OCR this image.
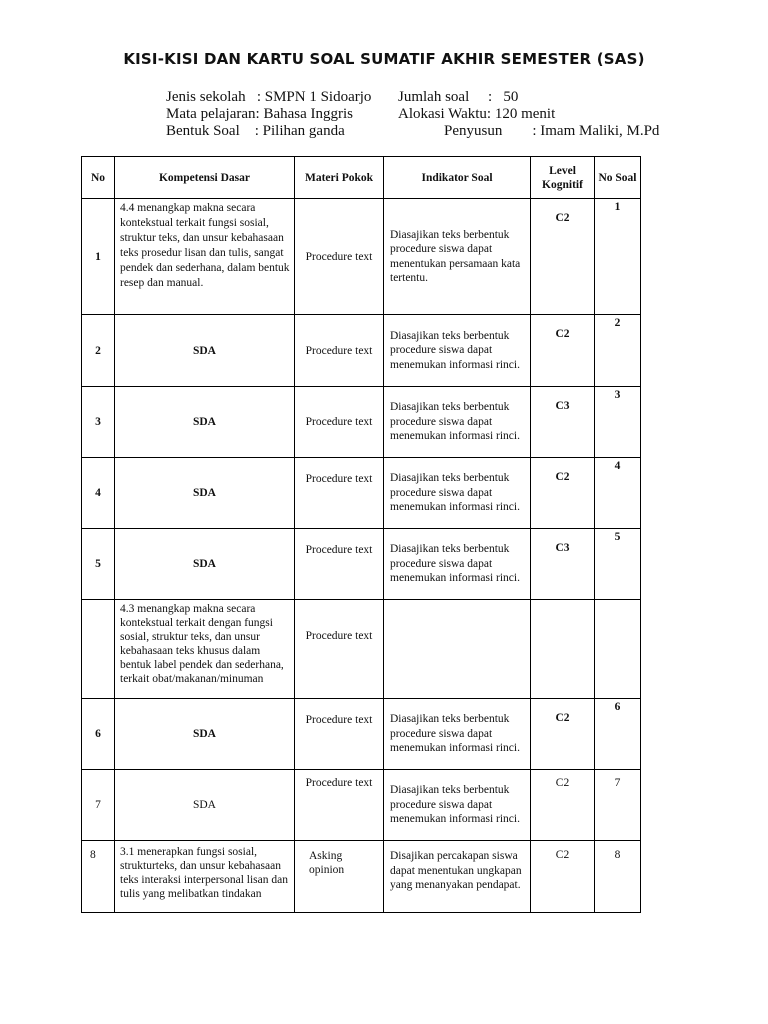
KISI-KISI DAN KARTU SOAL SUMATIF AKHIR SEMESTER (SAS)
Jenis sekolah   : SMPN 1 Sidoarjo Jumlah soal     :   50
Mata pelajaran: Bahasa Inggris	Alokasi Waktu: 120 menit
Bentuk Soal    : Pilihan ganda	Penyusun        : Imam Maliki, M.Pd
No	Kompetensi Dasar	Materi Pokok	Indikator Soal	Level Kognitif	No Soal
1	4.4 menangkap makna secara kontekstual terkait fungsi sosial, struktur teks, dan unsur kebahasaan teks prosedur lisan dan tulis, sangat pendek dan sederhana, dalam bentuk resep dan manual.	Procedure text	Diasajikan teks berbentuk procedure siswa dapat menentukan persamaan kata tertentu.	C2	1
2	SDA	Procedure text	Diasajikan teks berbentuk procedure siswa dapat menemukan informasi rinci.	C2	2
3	SDA	Procedure text	Diasajikan teks berbentuk procedure siswa dapat menemukan informasi rinci.	C3	3
4	SDA	Procedure text	Diasajikan teks berbentuk procedure siswa dapat menemukan informasi rinci.	C2	4
5	SDA	Procedure text	Diasajikan teks berbentuk procedure siswa dapat menemukan informasi rinci.	C3	5
	4.3 menangkap makna secara kontekstual terkait dengan fungsi sosial, struktur teks, dan unsur kebahasaan teks khusus dalam bentuk label pendek dan sederhana, terkait obat/makanan/minuman	Procedure text			
6	SDA	Procedure text	Diasajikan teks berbentuk procedure siswa dapat menemukan informasi rinci.	C2	6
7	SDA	Procedure text	Diasajikan teks berbentuk procedure siswa dapat menemukan informasi rinci.	C2	7
8	3.1 menerapkan fungsi sosial, strukturteks, dan unsur kebahasaan teks interaksi interpersonal lisan dan tulis yang melibatkan tindakan	Asking opinion	Disajikan percakapan siswa dapat menentukan ungkapan yang menanyakan pendapat.	C2	8
